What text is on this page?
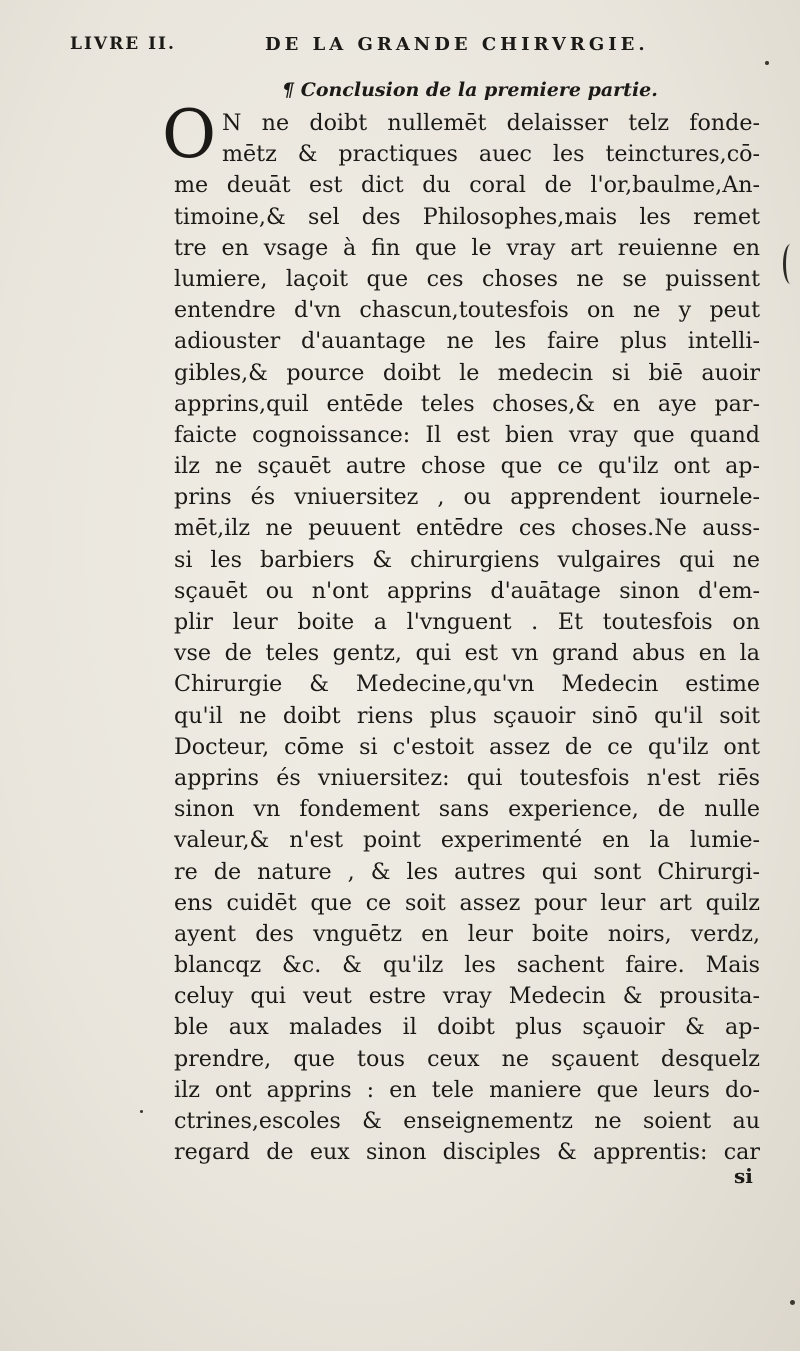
LIVRE II.	DE LA GRANDE CHIRVRGIE.
¶ Conclusion de la premiere partie.
O N ne doibt nullemēt delaisser telz fonde-
mētz & practiques auec les teinctures,cō-
me deuāt est dict du coral de l'or,baulme,An-
timoine,& sel des Philosophes,mais les remet
tre en vsage à fin que le vray art reuienne en
lumiere, laçoit que ces choses ne se puissent
entendre d'vn chascun,toutesfois on ne y peut
adiouster d'auantage ne les faire plus intelli-
gibles,& pource doibt le medecin si biē auoir
apprins,quil entēde teles choses,& en aye par-
faicte cognoissance: Il est bien vray que quand
ilz ne sçauēt autre chose que ce qu'ilz ont ap-
prins és vniuersitez , ou apprendent iournele-
mēt,ilz ne peuuent entēdre ces choses.Ne auss-
si les barbiers & chirurgiens vulgaires qui ne
sçauēt ou n'ont apprins d'auātage sinon d'em-
plir leur boite a l'vnguent . Et toutesfois on
vse de teles gentz, qui est vn grand abus en la
Chirurgie & Medecine,qu'vn Medecin estime
qu'il ne doibt riens plus sçauoir sinō qu'il soit
Docteur, cōme si c'estoit assez de ce qu'ilz ont
apprins és vniuersitez: qui toutesfois n'est riēs
sinon vn fondement sans experience, de nulle
valeur,& n'est point experimenté en la lumie-
re de nature , & les autres qui sont Chirurgi-
ens cuidēt que ce soit assez pour leur art quilz
ayent des vnguētz en leur boite noirs, verdz,
blancqz &c. & qu'ilz les sachent faire. Mais
celuy qui veut estre vray Medecin & prousita-
ble aux malades il doibt plus sçauoir & ap-
prendre, que tous ceux ne sçauent desquelz
ilz ont apprins : en tele maniere que leurs do-
ctrines,escoles & enseignementz ne soient au
regard de eux sinon disciples & apprentis: car
si
